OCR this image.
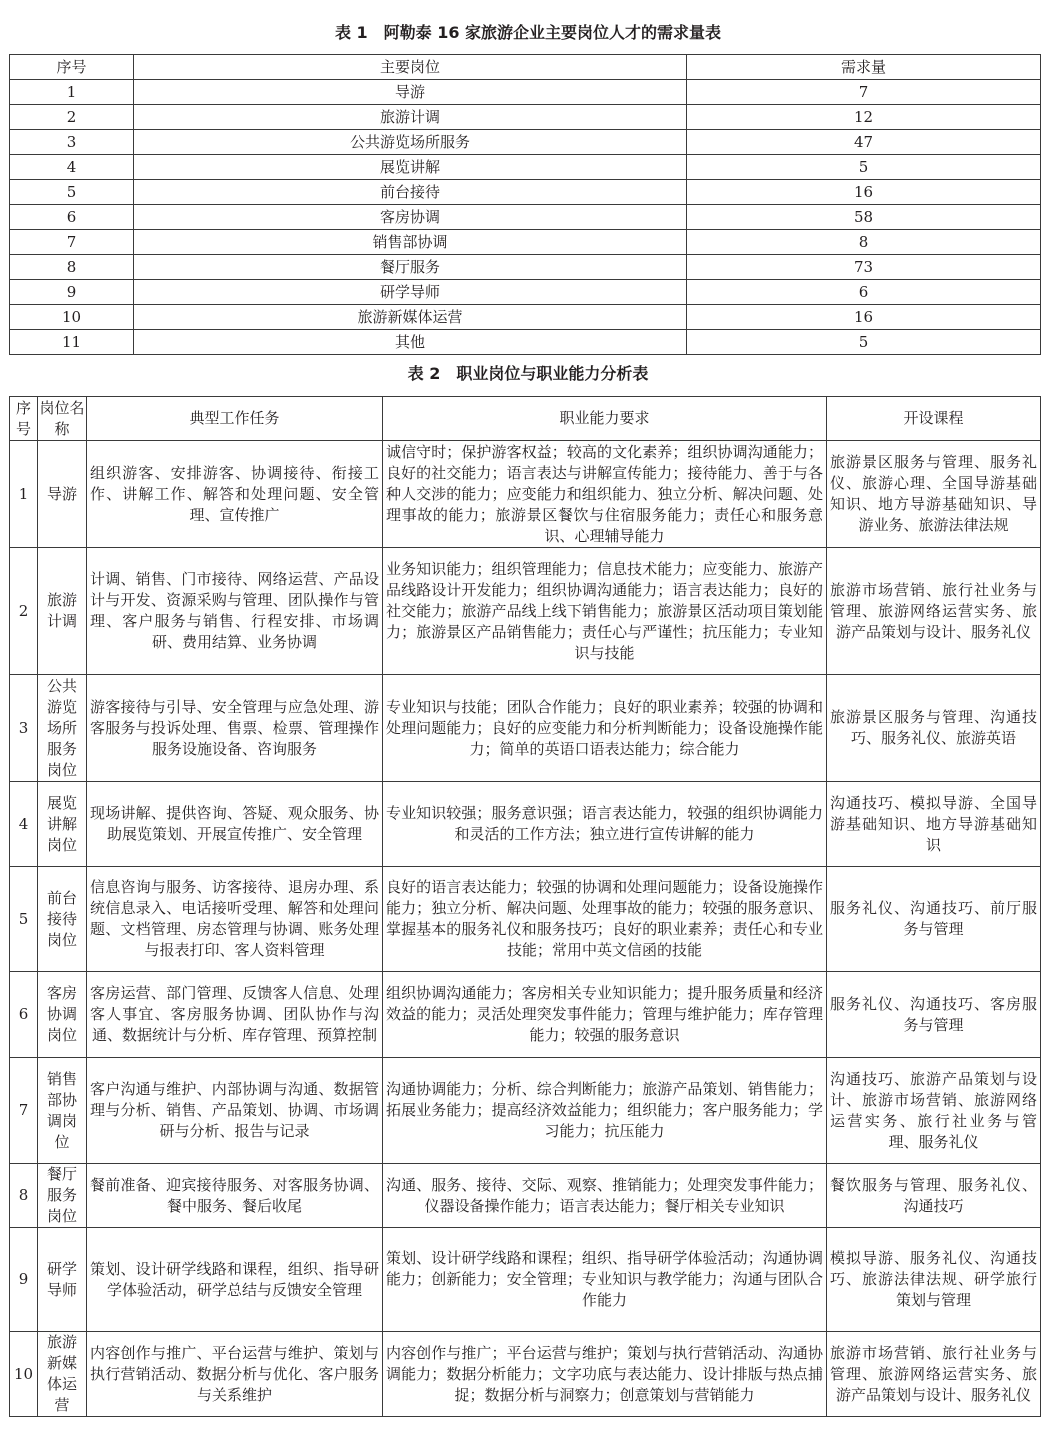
表 1　阿勒泰 16 家旅游企业主要岗位人才的需求量表
序号	主要岗位	需求量
1	导游	7
2	旅游计调	12
3	公共游览场所服务	47
4	展览讲解	5
5	前台接待	16
6	客房协调	58
7	销售部协调	8
8	餐厅服务	73
9	研学导师	6
10	旅游新媒体运营	16
11	其他	5
表 2　职业岗位与职业能力分析表
序号	岗位名称	典型工作任务	职业能力要求	开设课程
1	导游	组织游客、安排游客、协调接待、衔接工作、讲解工作、解答和处理问题、安全管理、宣传推广	诚信守时；保护游客权益；较高的文化素养；组织协调沟通能力；良好的社交能力；语言表达与讲解宣传能力；接待能力、善于与各种人交涉的能力；应变能力和组织能力、独立分析、解决问题、处理事故的能力；旅游景区餐饮与住宿服务能力；责任心和服务意识、心理辅导能力	旅游景区服务与管理、服务礼仪、旅游心理、全国导游基础知识、地方导游基础知识、导游业务、旅游法律法规
2	旅游计调	计调、销售、门市接待、网络运营、产品设计与开发、资源采购与管理、团队操作与管理、客户服务与销售、行程安排、市场调研、费用结算、业务协调	业务知识能力；组织管理能力；信息技术能力；应变能力、旅游产品线路设计开发能力；组织协调沟通能力；语言表达能力；良好的社交能力；旅游产品线上线下销售能力；旅游景区活动项目策划能力；旅游景区产品销售能力；责任心与严谨性；抗压能力；专业知识与技能	旅游市场营销、旅行社业务与管理、旅游网络运营实务、旅游产品策划与设计、服务礼仪
3	公共游览场所服务岗位	游客接待与引导、安全管理与应急处理、游客服务与投诉处理、售票、检票、管理操作服务设施设备、咨询服务	专业知识与技能；团队合作能力；良好的职业素养；较强的协调和处理问题能力；良好的应变能力和分析判断能力；设备设施操作能力；简单的英语口语表达能力；综合能力	旅游景区服务与管理、沟通技巧、服务礼仪、旅游英语
4	展览讲解岗位	现场讲解、提供咨询、答疑、观众服务、协助展览策划、开展宣传推广、安全管理	专业知识较强；服务意识强；语言表达能力，较强的组织协调能力和灵活的工作方法；独立进行宣传讲解的能力	沟通技巧、模拟导游、全国导游基础知识、地方导游基础知识
5	前台接待岗位	信息咨询与服务、访客接待、退房办理、系统信息录入、电话接听受理、解答和处理问题、文档管理、房态管理与协调、账务处理与报表打印、客人资料管理	良好的语言表达能力；较强的协调和处理问题能力；设备设施操作能力；独立分析、解决问题、处理事故的能力；较强的服务意识、掌握基本的服务礼仪和服务技巧；良好的职业素养；责任心和专业技能；常用中英文信函的技能	服务礼仪、沟通技巧、前厅服务与管理
6	客房协调岗位	客房运营、部门管理、反馈客人信息、处理客人事宜、客房服务协调、团队协作与沟通、数据统计与分析、库存管理、预算控制	组织协调沟通能力；客房相关专业知识能力；提升服务质量和经济效益的能力；灵活处理突发事件能力；管理与维护能力；库存管理能力；较强的服务意识	服务礼仪、沟通技巧、客房服务与管理
7	销售部协调岗位	客户沟通与维护、内部协调与沟通、数据管理与分析、销售、产品策划、协调、市场调研与分析、报告与记录	沟通协调能力；分析、综合判断能力；旅游产品策划、销售能力；拓展业务能力；提高经济效益能力；组织能力；客户服务能力；学习能力；抗压能力	沟通技巧、旅游产品策划与设计、旅游市场营销、旅游网络运营实务、旅行社业务与管理、服务礼仪
8	餐厅服务岗位	餐前准备、迎宾接待服务、对客服务协调、餐中服务、餐后收尾	沟通、服务、接待、交际、观察、推销能力；处理突发事件能力；仪器设备操作能力；语言表达能力；餐厅相关专业知识	餐饮服务与管理、服务礼仪、沟通技巧
9	研学导师	策划、设计研学线路和课程，组织、指导研学体验活动，研学总结与反馈安全管理	策划、设计研学线路和课程；组织、指导研学体验活动；沟通协调能力；创新能力；安全管理；专业知识与教学能力；沟通与团队合作能力	模拟导游、服务礼仪、沟通技巧、旅游法律法规、研学旅行策划与管理
10	旅游新媒体运营	内容创作与推广、平台运营与维护、策划与执行营销活动、数据分析与优化、客户服务与关系维护	内容创作与推广；平台运营与维护；策划与执行营销活动、沟通协调能力；数据分析能力；文字功底与表达能力、设计排版与热点捕捉；数据分析与洞察力；创意策划与营销能力	旅游市场营销、旅行社业务与管理、旅游网络运营实务、旅游产品策划与设计、服务礼仪
